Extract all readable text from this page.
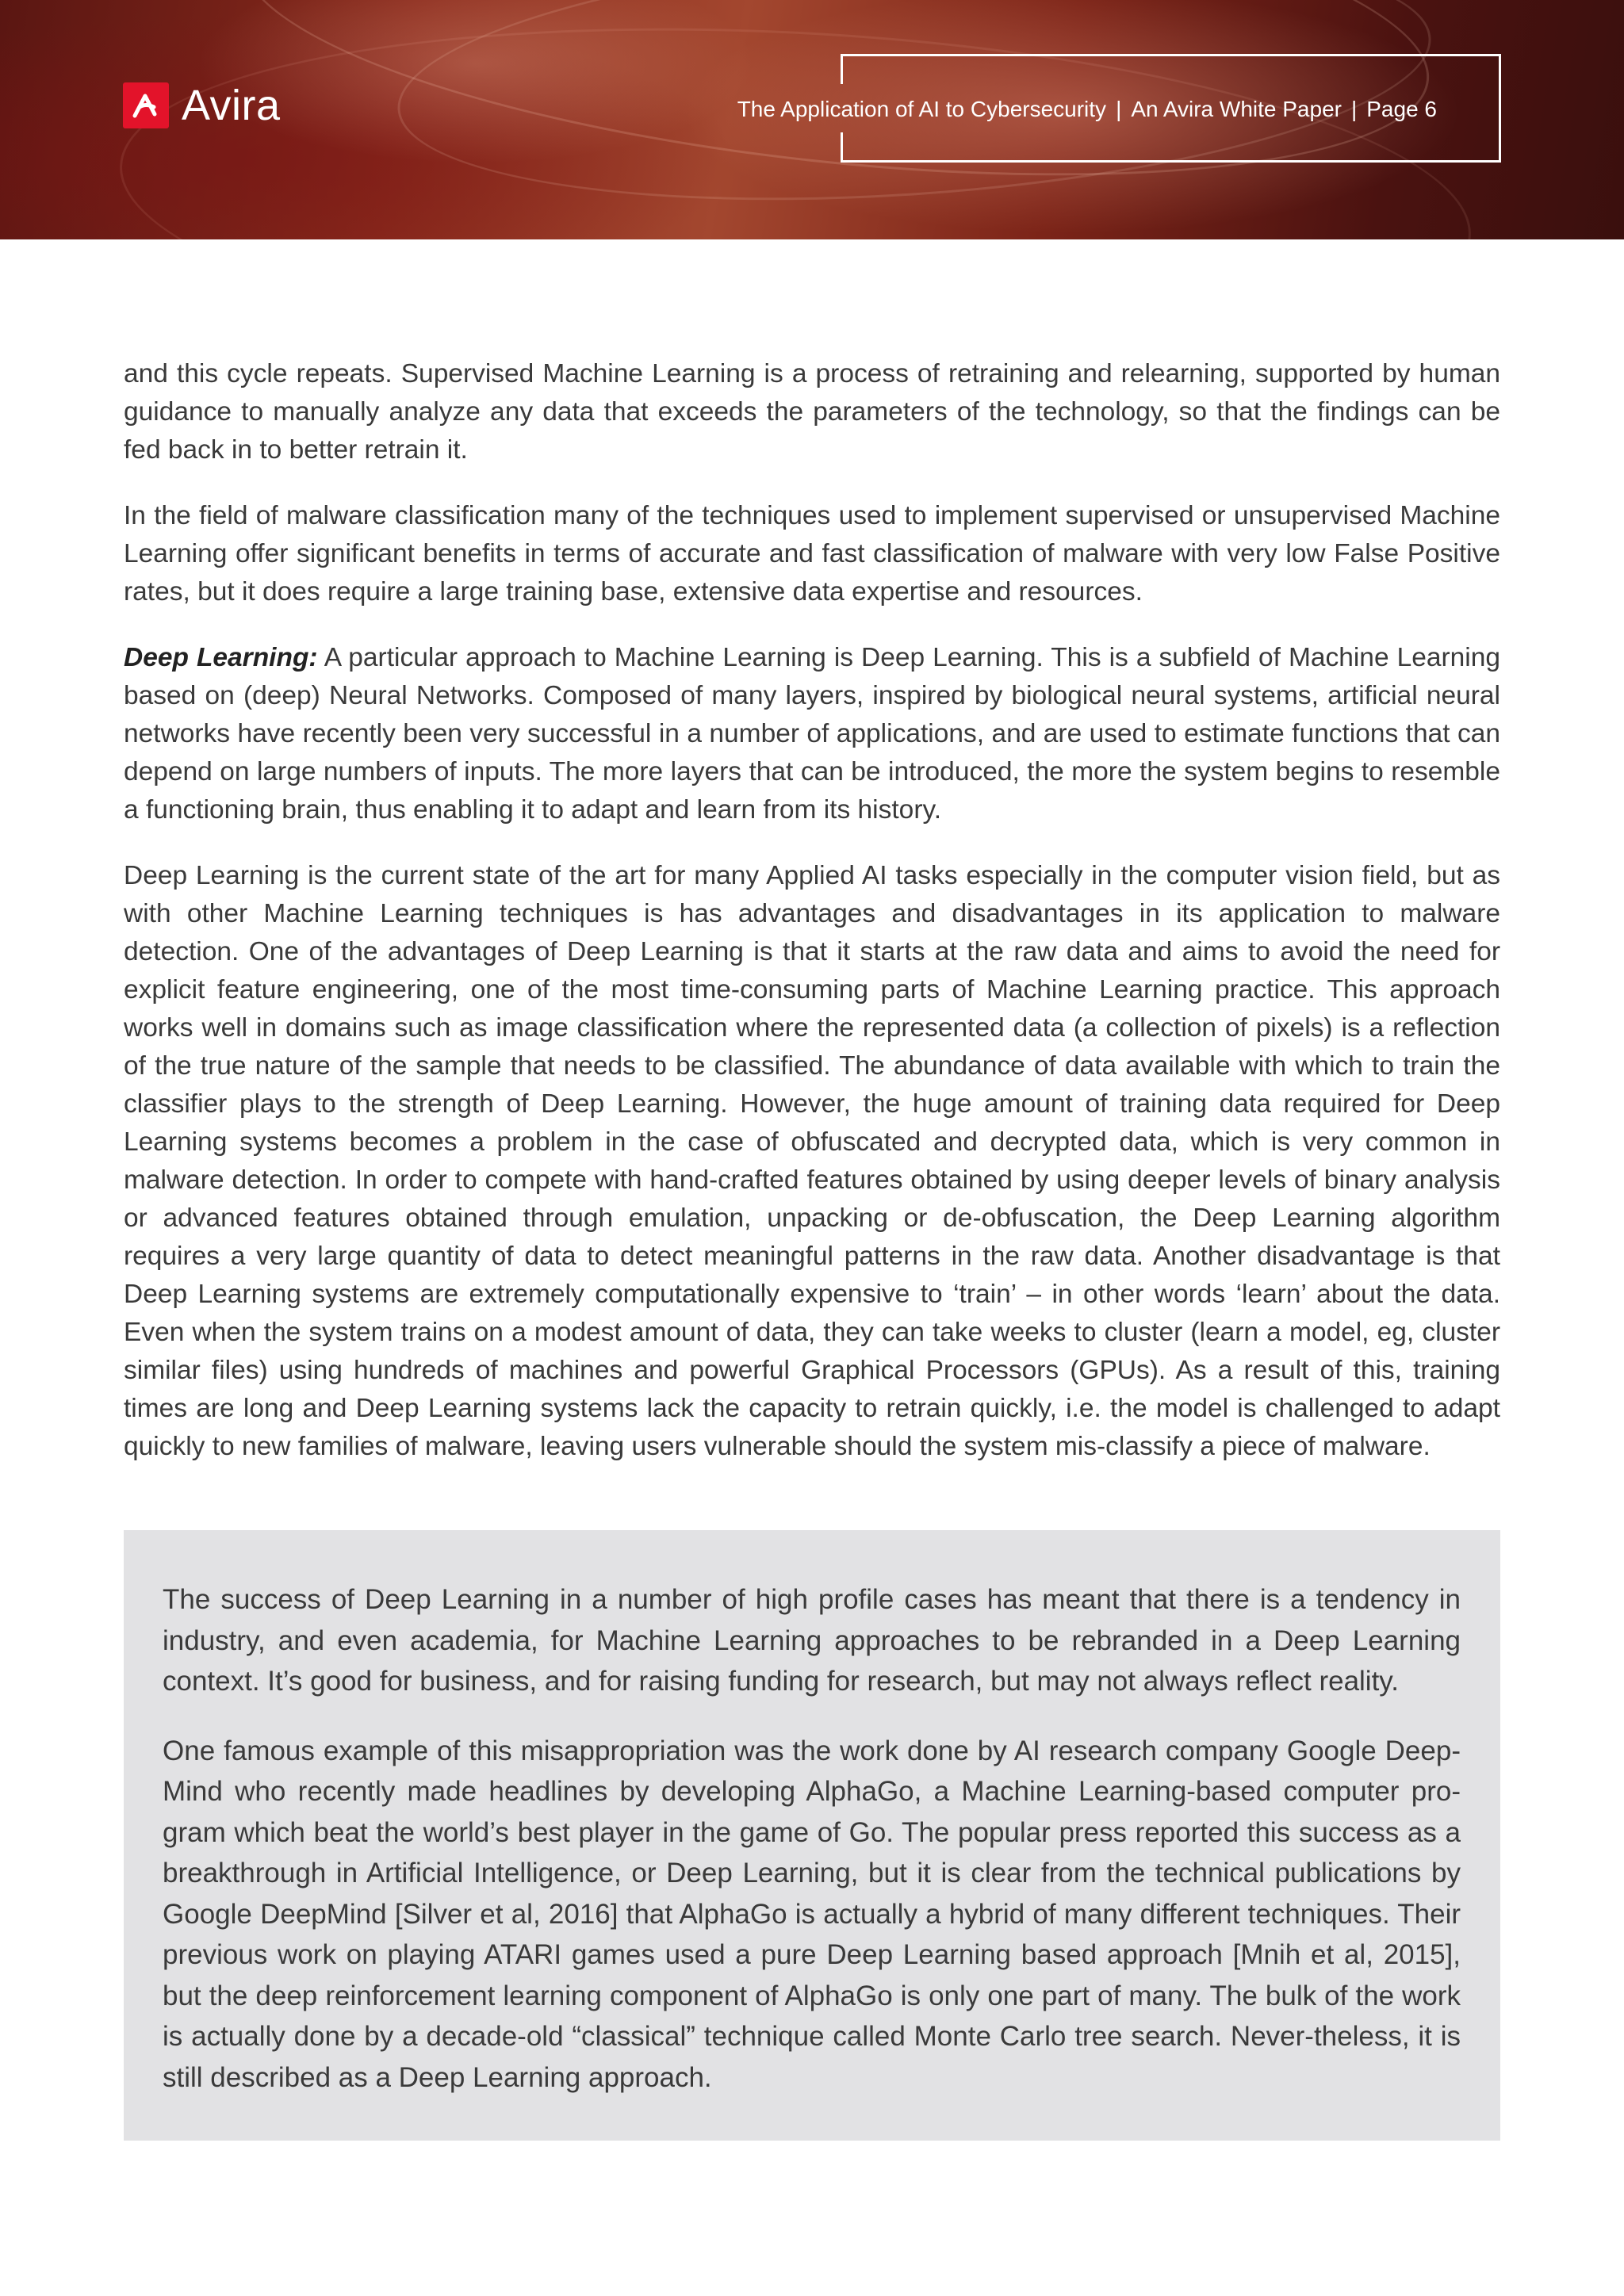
Avira	The Application of AI to Cybersecurity | An Avira White Paper | Page 6

and this cycle repeats. Supervised Machine Learning is a process of retraining and relearning, supported by human guidance to manually analyze any data that exceeds the parameters of the technology, so that the findings can be fed back in to better retrain it.

In the field of malware classification many of the techniques used to implement supervised or unsupervised Machine Learning offer significant benefits in terms of accurate and fast classification of malware with very low False Positive rates, but it does require a large training base, extensive data expertise and resources.

Deep Learning: A particular approach to Machine Learning is Deep Learning. This is a subfield of Machine Learning based on (deep) Neural Networks. Composed of many layers, inspired by biological neural systems, artificial neural networks have recently been very successful in a number of applications, and are used to estimate functions that can depend on large numbers of inputs. The more layers that can be introduced, the more the system begins to resemble a functioning brain, thus enabling it to adapt and learn from its history.

Deep Learning is the current state of the art for many Applied AI tasks especially in the computer vision field, but as with other Machine Learning techniques is has advantages and disadvantages in its application to malware detection. One of the advantages of Deep Learning is that it starts at the raw data and aims to avoid the need for explicit feature engineering, one of the most time-consuming parts of Machine Learning practice. This approach works well in domains such as image classification where the represented data (a collection of pixels) is a reflection of the true nature of the sample that needs to be classified. The abundance of data available with which to train the classifier plays to the strength of Deep Learning. However, the huge amount of training data required for Deep Learning systems becomes a problem in the case of obfuscated and decrypted data, which is very common in malware detection. In order to compete with hand-crafted features obtained by using deeper levels of binary analysis or advanced features obtained through emulation, unpacking or de-obfuscation, the Deep Learning algorithm requires a very large quantity of data to detect meaningful patterns in the raw data. Another disadvantage is that Deep Learning systems are extremely computationally expensive to ‘train’ – in other words ‘learn’ about the data. Even when the system trains on a modest amount of data, they can take weeks to cluster (learn a model, eg, cluster similar files) using hundreds of machines and powerful Graphical Processors (GPUs). As a result of this, training times are long and Deep Learning systems lack the capacity to retrain quickly, i.e. the model is challenged to adapt quickly to new families of malware, leaving users vulnerable should the system mis-classify a piece of malware.

The success of Deep Learning in a number of high profile cases has meant that there is a tendency in industry, and even academia, for Machine Learning approaches to be rebranded in a Deep Learning context. It’s good for business, and for raising funding for research, but may not always reflect reality.

One famous example of this misappropriation was the work done by AI research company Google Deep-Mind who recently made headlines by developing AlphaGo, a Machine Learning-based computer pro-gram which beat the world’s best player in the game of Go. The popular press reported this success as a breakthrough in Artificial Intelligence, or Deep Learning, but it is clear from the technical publications by Google DeepMind [Silver et al, 2016] that AlphaGo is actually a hybrid of many different techniques. Their previous work on playing ATARI games used a pure Deep Learning based approach [Mnih et al, 2015], but the deep reinforcement learning component of AlphaGo is only one part of many. The bulk of the work is actually done by a decade-old “classical” technique called Monte Carlo tree search. Never-theless, it is still described as a Deep Learning approach.
